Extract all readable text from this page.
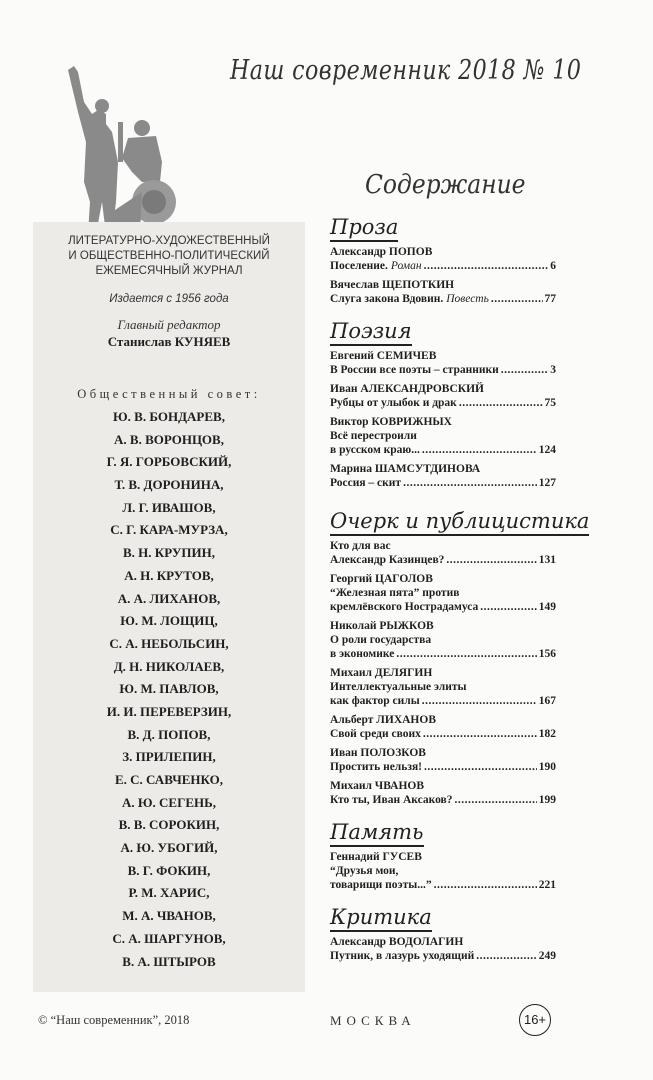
Наш современник 2018 № 10
Содержание
ЛИТЕРАТУРНО-ХУДОЖЕСТВЕННЫЙ
И ОБЩЕСТВЕННО-ПОЛИТИЧЕСКИЙ
ЕЖЕМЕСЯЧНЫЙ ЖУРНАЛ
Издается с 1956 года
Главный редактор
Станислав КУНЯЕВ
Общественный совет:
Ю. В. БОНДАРЕВ,
А. В. ВОРОНЦОВ,
Г. Я. ГОРБОВСКИЙ,
Т. В. ДОРОНИНА,
Л. Г. ИВАШОВ,
С. Г. КАРА-МУРЗА,
В. Н. КРУПИН,
А. Н. КРУТОВ,
А. А. ЛИХАНОВ,
Ю. М. ЛОЩИЦ,
С. А. НЕБОЛЬСИН,
Д. Н. НИКОЛАЕВ,
Ю. М. ПАВЛОВ,
И. И. ПЕРЕВЕРЗИН,
В. Д. ПОПОВ,
З. ПРИЛЕПИН,
Е. С. САВЧЕНКО,
А. Ю. СЕГЕНЬ,
В. В. СОРОКИН,
А. Ю. УБОГИЙ,
В. Г. ФОКИН,
Р. М. ХАРИС,
М. А. ЧВАНОВ,
С. А. ШАРГУНОВ,
В. А. ШТЫРОВ
Проза
Александр ПОПОВ
Поселение. Роман .....	6
Вячеслав ЩЕПОТКИН
Слуга закона Вдовин. Повесть .....	77
Поэзия
Евгений СЕМИЧЕВ
В России все поэты – странники .....	3
Иван АЛЕКСАНДРОВСКИЙ
Рубцы от улыбок и драк .....	75
Виктор КОВРИЖНЫХ
Всё перестроили
в русском краю... .....	124
Марина ШАМСУТДИНОВА
Россия – скит .....	127
Очерк и публицистика
Кто для вас
Александр Казинцев? .....	131
Георгий ЦАГОЛОВ
“Железная пята” против
кремлёвского Нострадамуса .....	149
Николай РЫЖКОВ
О роли государства
в экономике .....	156
Михаил ДЕЛЯГИН
Интеллектуальные элиты
как фактор силы .....	167
Альберт ЛИХАНОВ
Свой среди своих .....	182
Иван ПОЛОЗКОВ
Простить нельзя! .....	190
Михаил ЧВАНОВ
Кто ты, Иван Аксаков? .....	199
Память
Геннадий ГУСЕВ
“Друзья мои,
товарищи поэты...” .....	221
Критика
Александр ВОДОЛАГИН
Путник, в лазурь уходящий .....	249
© “Наш современник”, 2018	МОСКВА	16+
